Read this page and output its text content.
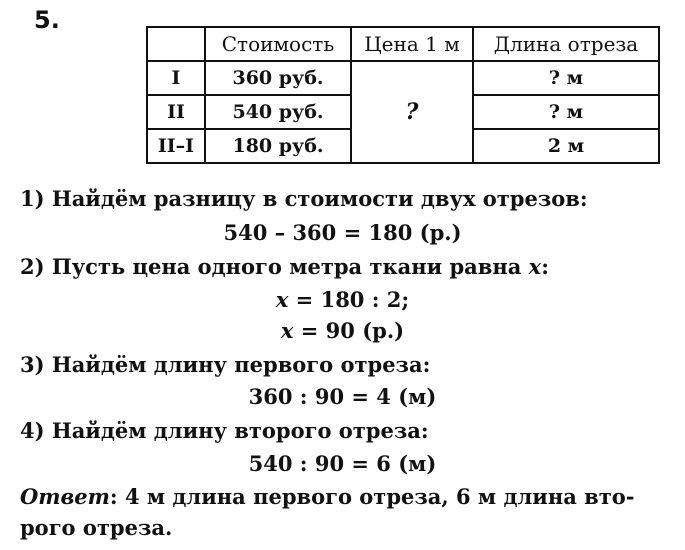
5.
	Стоимость	Цена 1 м	Длина отреза
I	360 руб.	?	? м
II	540 руб.		? м
II–I	180 руб.		2 м
1) Найдём разницу в стоимости двух отрезов:
540 – 360 = 180 (р.)
2) Пусть цена одного метра ткани равна x:
x = 180 : 2;
x = 90 (р.)
3) Найдём длину первого отреза:
360 : 90 = 4 (м)
4) Найдём длину второго отреза:
540 : 90 = 6 (м)
Ответ: 4 м длина первого отреза, 6 м длина вто-
рого отреза.
